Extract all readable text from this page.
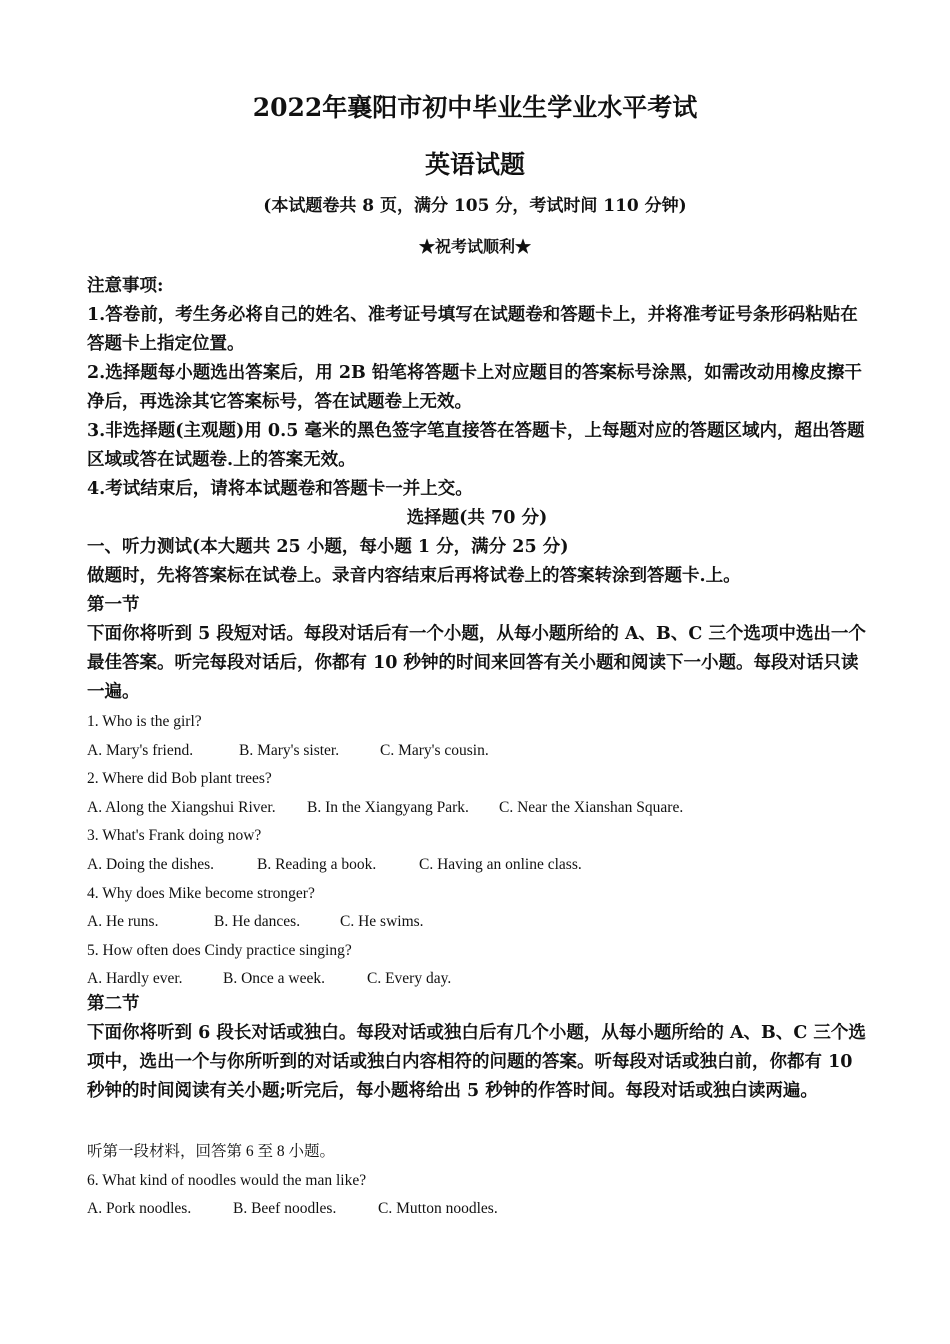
2022年襄阳市初中毕业生学业水平考试
英语试题
(本试题卷共 8 页，满分 105 分，考试时间 110 分钟)
★祝考试顺利★

注意事项:

1.答卷前，考生务必将自己的姓名、准考证号填写在试题卷和答题卡上，并将准考证号条形码粘贴在答题卡上指定位置。

2.选择题每小题选出答案后，用 2B 铅笔将答题卡上对应题目的答案标号涂黑，如需改动用橡皮擦干净后，再选涂其它答案标号，答在试题卷上无效。

3.非选择题(主观题)用 0.5 毫米的黑色签字笔直接答在答题卡，上每题对应的答题区域内，超出答题区域或答在试题卷.上的答案无效。

4.考试结束后，请将本试题卷和答题卡一并上交。

选择题(共 70 分)

一、听力测试(本大题共 25 小题，每小题 1 分，满分 25 分)

做题时，先将答案标在试卷上。录音内容结束后再将试卷上的答案转涂到答题卡.上。

第一节

下面你将听到 5 段短对话。每段对话后有一个小题，从每小题所给的 A、B、C 三个选项中选出一个最佳答案。听完每段对话后，你都有 10 秒钟的时间来回答有关小题和阅读下一小题。每段对话只读一遍。

1. Who is the girl?

A. Mary's friend.	B. Mary's sister.	C. Mary's cousin.

2. Where did Bob plant trees?

A. Along the Xiangshui River. B. In the Xiangyang Park. C. Near the Xianshan Square.

3. What's Frank doing now?

A. Doing the dishes.	B. Reading a book.	C. Having an online class.

4. Why does Mike become stronger?

A. He runs.	B. He dances.	C. He swims.

5. How often does Cindy practice singing?

A. Hardly ever.	B. Once a week.	C. Every day.

第二节

下面你将听到 6 段长对话或独白。每段对话或独白后有几个小题，从每小题所给的 A、B、C 三个选项中，选出一个与你所听到的对话或独白内容相符的问题的答案。听每段对话或独白前，你都有 10 秒钟的时间阅读有关小题;听完后，每小题将给出 5 秒钟的作答时间。每段对话或独白读两遍。

听第一段材料，回答第 6 至 8 小题。

6. What kind of noodles would the man like?

A. Pork noodles.	B. Beef noodles.	C. Mutton noodles.
